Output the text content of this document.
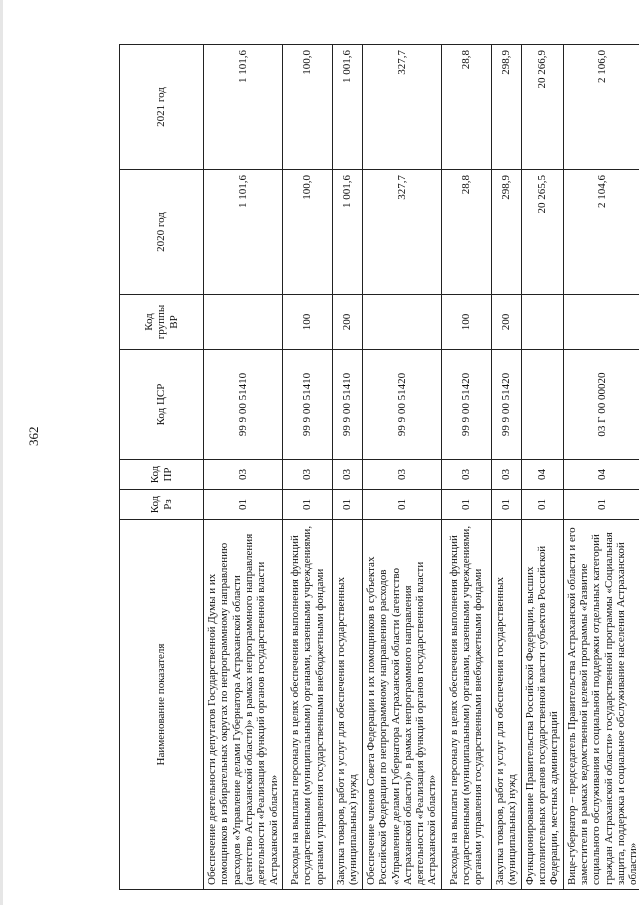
362
Наименование показателя	Код Рз	Код ПР	Код ЦСР	Код группы ВР	2020 год	2021 год
Обеспечение деятельности депутатов Государственной Думы и их помощников в избирательных округах по непрограммному направлению расходов «Управление делами Губернатора Астраханской области (агентство Астраханской области)» в рамках непрограммного направления деятельности «Реализация функций органов государственной власти Астраханской области»	01	03	99 9 00 51410		1 101,6	1 101,6
Расходы на выплаты персоналу в целях обеспечения выполнения функций государственными (муниципальными) органами, казенными учреждениями, органами управления государственными внебюджетными фондами	01	03	99 9 00 51410	100	100,0	100,0
Закупка товаров, работ и услуг для обеспечения государственных (муниципальных) нужд	01	03	99 9 00 51410	200	1 001,6	1 001,6
Обеспечение членов Совета Федерации и их помощников в субъектах Российской Федерации по непрограммному направлению расходов «Управление делами Губернатора Астраханской области (агентство Астраханской области)» в рамках непрограммного направления деятельности «Реализация функций органов государственной власти Астраханской области»	01	03	99 9 00 51420		327,7	327,7
Расходы на выплаты персоналу в целях обеспечения выполнения функций государственными (муниципальными) органами, казенными учреждениями, органами управления государственными внебюджетными фондами	01	03	99 9 00 51420	100	28,8	28,8
Закупка товаров, работ и услуг для обеспечения государственных (муниципальных) нужд	01	03	99 9 00 51420	200	298,9	298,9
Функционирование Правительства Российской Федерации, высших исполнительных органов государственной власти субъектов Российской Федерации, местных администраций	01	04			20 265,5	20 266,9
Вице-губернатор – председатель Правительства Астраханской области и его заместители в рамках ведомственной целевой программы «Развитие социального обслуживания и социальной поддержки отдельных категорий граждан Астраханской области» государственной программы «Социальная защита, поддержка и социальное обслуживание населения Астраханской области»	01	04	03 Г 00 00020		2 104,6	2 106,0
